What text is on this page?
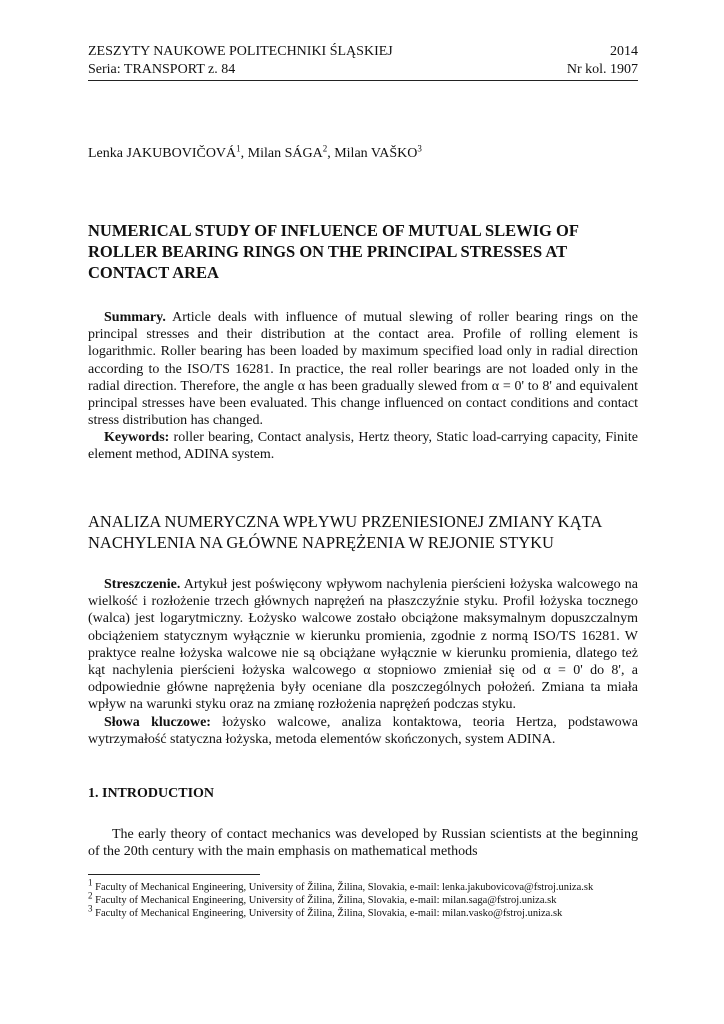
ZESZYTY NAUKOWE POLITECHNIKI ŚLĄSKIEJ	2014
Seria: TRANSPORT z. 84	Nr kol. 1907
Lenka JAKUBOVIČOVÁ$^1$, Milan SÁGA$^2$, Milan VAŠKO$^3$
NUMERICAL STUDY OF INFLUENCE OF MUTUAL SLEWIG OF ROLLER BEARING RINGS ON THE PRINCIPAL STRESSES AT CONTACT AREA

Summary. Article deals with influence of mutual slewing of roller bearing rings on the principal stresses and their distribution at the contact area. Profile of rolling element is logarithmic. Roller bearing has been loaded by maximum specified load only in radial direction according to the ISO/TS 16281. In practice, the real roller bearings are not loaded only in the radial direction. Therefore, the angle α has been gradually slewed from α = 0' to 8' and equivalent principal stresses have been evaluated. This change influenced on contact conditions and contact stress distribution has changed.

Keywords: roller bearing, Contact analysis, Hertz theory, Static load-carrying capacity, Finite element method, ADINA system.

ANALIZA NUMERYCZNA WPŁYWU PRZENIESIONEJ ZMIANY KĄTA NACHYLENIA NA GŁÓWNE NAPRĘŻENIA W REJONIE STYKU

Streszczenie. Artykuł jest poświęcony wpływom nachylenia pierścieni łożyska walcowego na wielkość i rozłożenie trzech głównych naprężeń na płaszczyźnie styku. Profil łożyska tocznego (walca) jest logarytmiczny. Łożysko walcowe zostało obciążone maksymalnym dopuszczalnym obciążeniem statycznym wyłącznie w kierunku promienia, zgodnie z normą ISO/TS 16281. W praktyce realne łożyska walcowe nie są obciążane wyłącznie w kierunku promienia, dlatego też kąt nachylenia pierścieni łożyska walcowego α stopniowo zmieniał się od α = 0' do 8', a odpowiednie główne naprężenia były oceniane dla poszczególnych położeń. Zmiana ta miała wpływ na warunki styku oraz na zmianę rozłożenia naprężeń podczas styku.

Słowa kluczowe: łożysko walcowe, analiza kontaktowa, teoria Hertza, podstawowa wytrzymałość statyczna łożyska, metoda elementów skończonych, system ADINA.

1. INTRODUCTION

The early theory of contact mechanics was developed by Russian scientists at the beginning of the 20th century with the main emphasis on mathematical methods

$^1$ Faculty of Mechanical Engineering, University of Žilina, Žilina, Slovakia, e-mail: lenka.jakubovicova@fstroj.uniza.sk
$^2$ Faculty of Mechanical Engineering, University of Žilina, Žilina, Slovakia, e-mail: milan.saga@fstroj.uniza.sk
$^3$ Faculty of Mechanical Engineering, University of Žilina, Žilina, Slovakia, e-mail: milan.vasko@fstroj.uniza.sk
